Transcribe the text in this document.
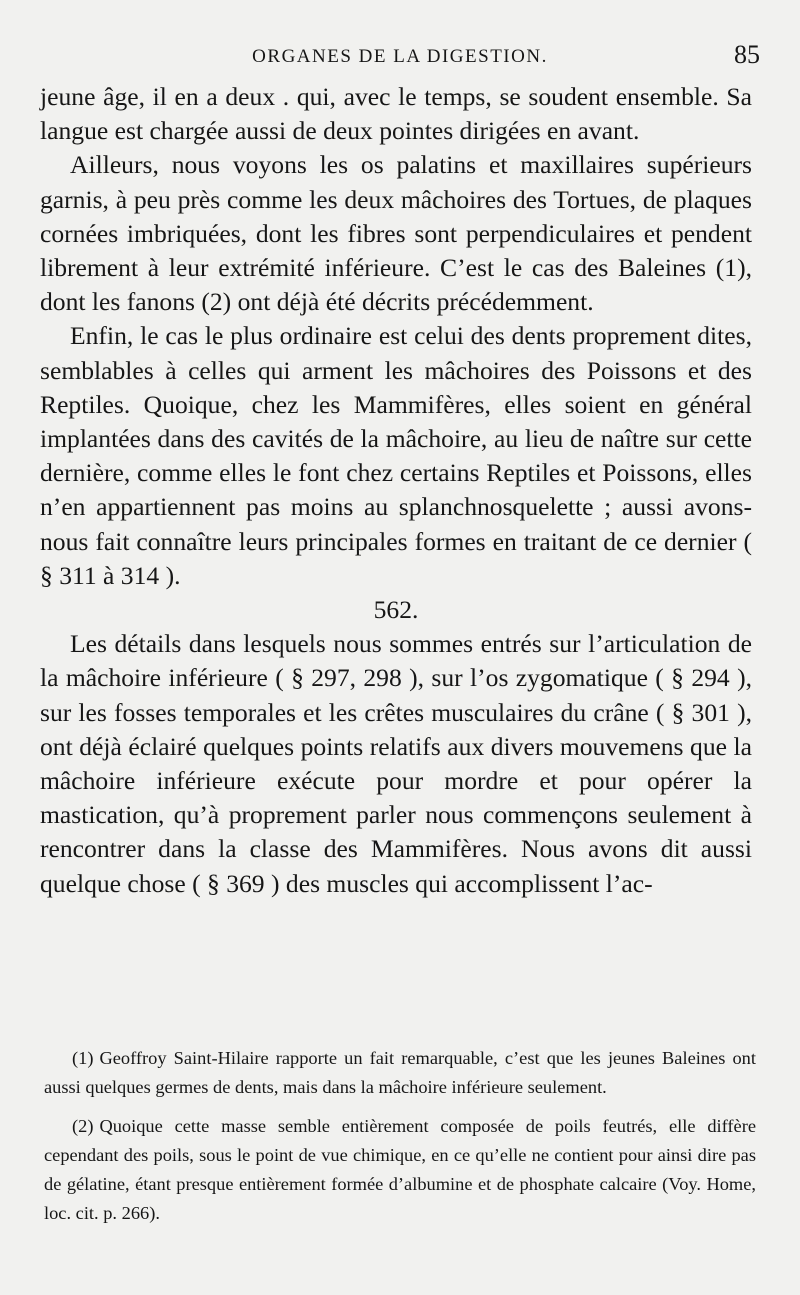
ORGANES DE LA DIGESTION.	85

jeune âge, il en a deux . qui, avec le temps, se soudent ensemble. Sa langue est chargée aussi de deux pointes dirigées en avant.

Ailleurs, nous voyons les os palatins et maxillaires supérieurs garnis, à peu près comme les deux mâchoires des Tortues, de plaques cornées imbriquées, dont les fibres sont perpendiculaires et pendent librement à leur extrémité inférieure. C’est le cas des Baleines (1), dont les fanons (2) ont déjà été décrits précédemment.

Enfin, le cas le plus ordinaire est celui des dents proprement dites, semblables à celles qui arment les mâchoires des Poissons et des Reptiles. Quoique, chez les Mammifères, elles soient en général implantées dans des cavités de la mâchoire, au lieu de naître sur cette dernière, comme elles le font chez certains Reptiles et Poissons, elles n’en appartiennent pas moins au splanchnosquelette ; aussi avons-nous fait connaître leurs principales formes en traitant de ce dernier ( § 311 à 314 ).

562.

Les détails dans lesquels nous sommes entrés sur l’articulation de la mâchoire inférieure ( § 297, 298 ), sur l’os zygomatique ( § 294 ), sur les fosses temporales et les crêtes musculaires du crâne ( § 301 ), ont déjà éclairé quelques points relatifs aux divers mouvemens que la mâchoire inférieure exécute pour mordre et pour opérer la mastication, qu’à proprement parler nous commençons seulement à rencontrer dans la classe des Mammifères. Nous avons dit aussi quelque chose ( § 369 ) des muscles qui accomplissent l’ac-

(1) Geoffroy Saint-Hilaire rapporte un fait remarquable, c’est que les jeunes Baleines ont aussi quelques germes de dents, mais dans la mâchoire inférieure seulement.

(2) Quoique cette masse semble entièrement composée de poils feutrés, elle diffère cependant des poils, sous le point de vue chimique, en ce qu’elle ne contient pour ainsi dire pas de gélatine, étant presque entièrement formée d’albumine et de phosphate calcaire (Voy. Home, loc. cit. p. 266).
